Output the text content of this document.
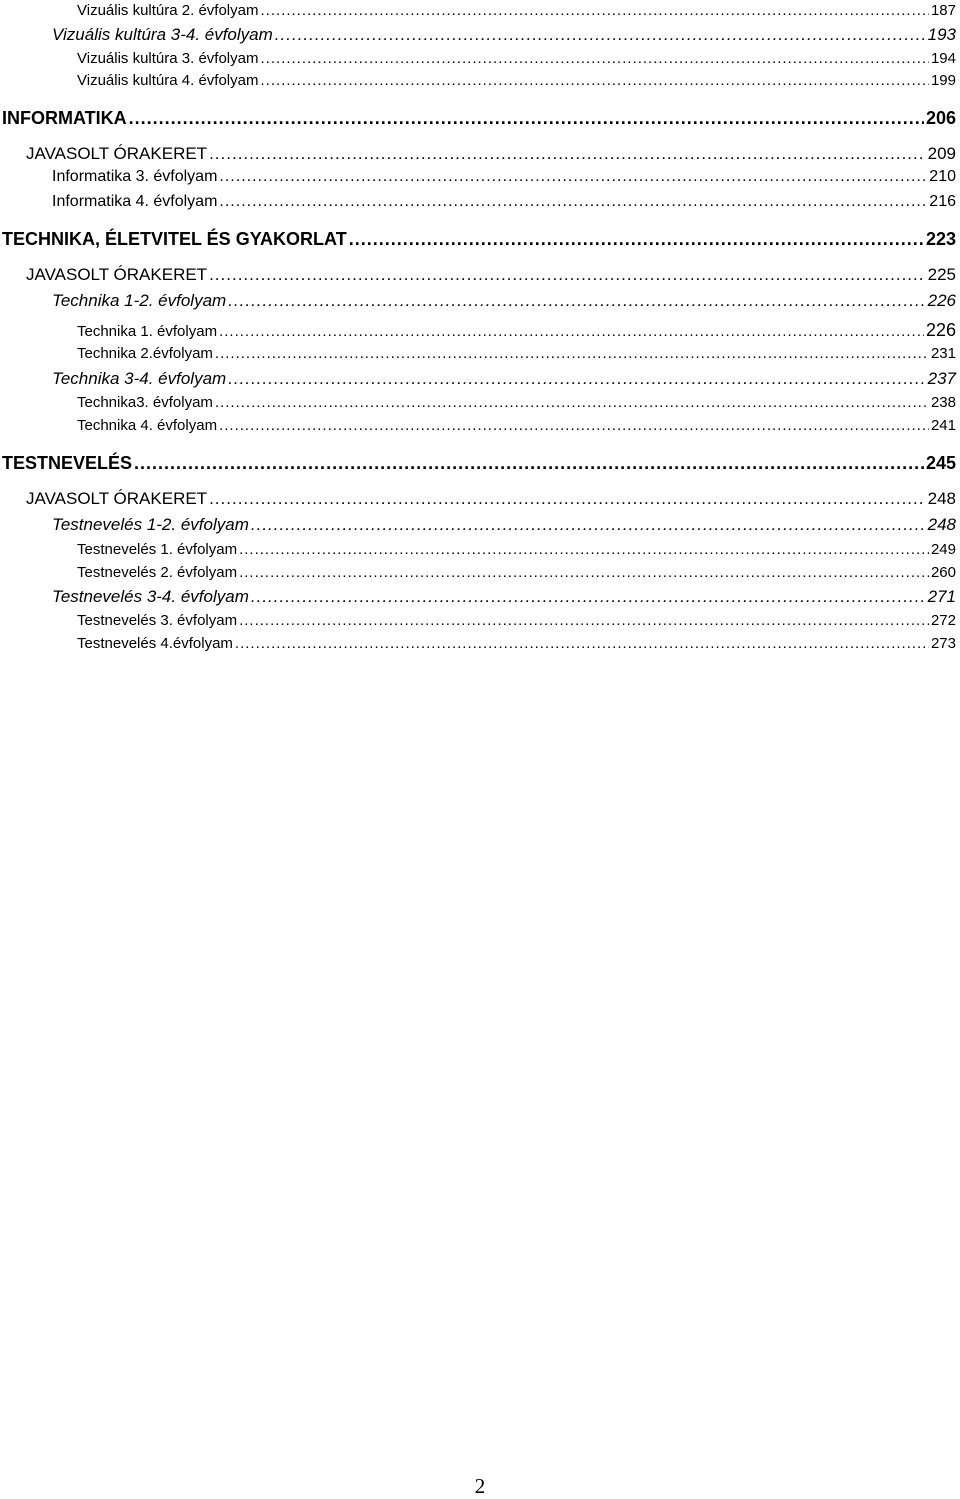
Vizuális kultúra 2. évfolyam .....	187
Vizuális kultúra 3-4. évfolyam .....	193
Vizuális kultúra 3. évfolyam .....	194
Vizuális kultúra 4. évfolyam .....	199
INFORMATIKA .....	206
JAVASOLT ÓRAKERET .....	209
Informatika 3. évfolyam .....	210
Informatika 4. évfolyam .....	216
TECHNIKA, ÉLETVITEL ÉS GYAKORLAT .....	223
JAVASOLT ÓRAKERET .....	225
Technika 1-2. évfolyam .....	226
Technika 1. évfolyam .....	226
Technika 2.évfolyam .....	231
Technika 3-4. évfolyam .....	237
Technika3. évfolyam .....	238
Technika 4. évfolyam .....	241
TESTNEVELÉS .....	245
JAVASOLT ÓRAKERET .....	248
Testnevelés 1-2. évfolyam .....	248
Testnevelés 1. évfolyam .....	249
Testnevelés 2. évfolyam .....	260
Testnevelés 3-4. évfolyam .....	271
Testnevelés 3. évfolyam .....	272
Testnevelés 4.évfolyam .....	273
2
